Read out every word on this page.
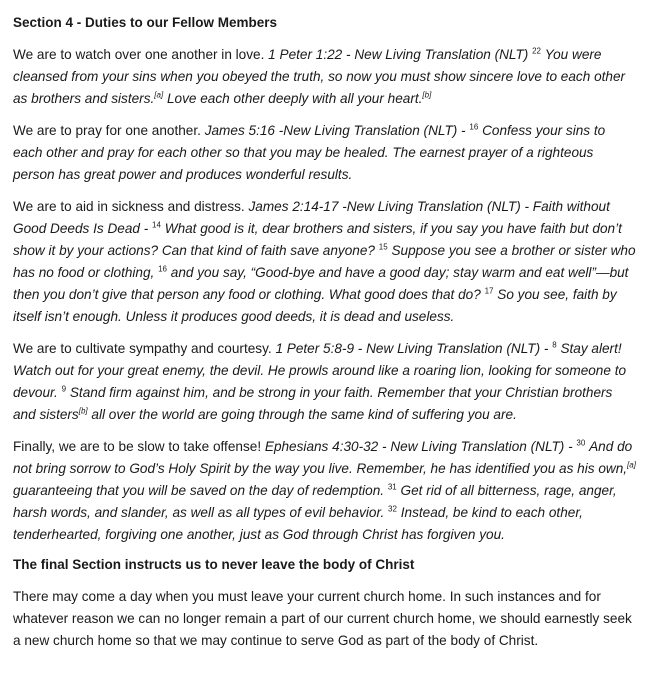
Section 4 - Duties to our Fellow Members

We are to watch over one another in love. 1 Peter 1:22 - New Living Translation (NLT) $^{22}$ You were cleansed from your sins when you obeyed the truth, so now you must show sincere love to each other as brothers and sisters.[a] Love each other deeply with all your heart.[b]

We are to pray for one another. James 5:16 -New Living Translation (NLT) - $^{16}$ Confess your sins to each other and pray for each other so that you may be healed. The earnest prayer of a righteous person has great power and produces wonderful results.

We are to aid in sickness and distress. James 2:14-17 -New Living Translation (NLT) - Faith without Good Deeds Is Dead - $^{14}$ What good is it, dear brothers and sisters, if you say you have faith but don’t show it by your actions? Can that kind of faith save anyone? $^{15}$ Suppose you see a brother or sister who has no food or clothing, $^{16}$ and you say, “Good-bye and have a good day; stay warm and eat well”—but then you don’t give that person any food or clothing. What good does that do? $^{17}$ So you see, faith by itself isn’t enough. Unless it produces good deeds, it is dead and useless.

We are to cultivate sympathy and courtesy. 1 Peter 5:8-9 - New Living Translation (NLT) - $^8$ Stay alert! Watch out for your great enemy, the devil. He prowls around like a roaring lion, looking for someone to devour. $^9$ Stand firm against him, and be strong in your faith. Remember that your Christian brothers and sisters[b] all over the world are going through the same kind of suffering you are.

Finally, we are to be slow to take offense! Ephesians 4:30-32 - New Living Translation (NLT) - $^{30}$ And do not bring sorrow to God’s Holy Spirit by the way you live. Remember, he has identified you as his own,[a] guaranteeing that you will be saved on the day of redemption. $^{31}$ Get rid of all bitterness, rage, anger, harsh words, and slander, as well as all types of evil behavior. $^{32}$ Instead, be kind to each other, tenderhearted, forgiving one another, just as God through Christ has forgiven you.

The final Section instructs us to never leave the body of Christ

There may come a day when you must leave your current church home. In such instances and for whatever reason we can no longer remain a part of our current church home, we should earnestly seek a new church home so that we may continue to serve God as part of the body of Christ.
